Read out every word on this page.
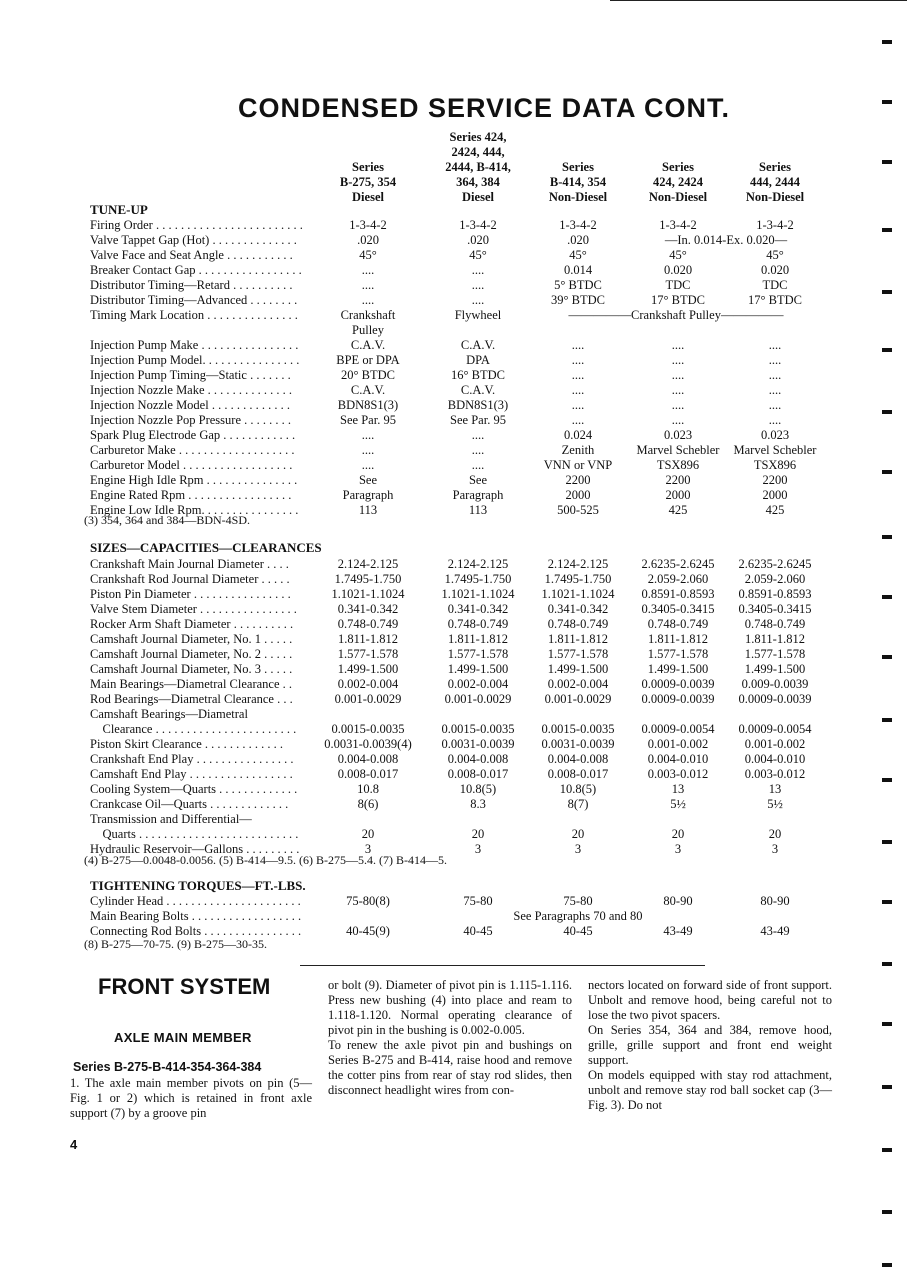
CONDENSED SERVICE DATA CONT.
Series
B-275, 354
Diesel
Series 424,
2424, 444,
2444, B-414,
364, 384
Diesel
Series
B-414, 354
Non-Diesel
Series
424, 2424
Non-Diesel
Series
444, 2444
Non-Diesel
TUNE-UP
Firing Order . . . . . . . . . . . . . . . . . . . . . . . .	1-3-4-2	1-3-4-2	1-3-4-2	1-3-4-2	1-3-4-2
Valve Tappet Gap (Hot) . . . . . . . . . . . . . .	.020	.020	.020	—In. 0.014-Ex. 0.020—
Valve Face and Seat Angle . . . . . . . . . . .	45°	45°	45°	45°	45°
Breaker Contact Gap . . . . . . . . . . . . . . . . .	....	....	0.014	0.020	0.020
Distributor Timing—Retard . . . . . . . . . .	....	....	5° BTDC	TDC	TDC
Distributor Timing—Advanced . . . . . . . .	....	....	39° BTDC	17° BTDC	17° BTDC
Timing Mark Location . . . . . . . . . . . . . . .	Crankshaft	Flywheel	—————Crankshaft Pulley—————
Pulley
Injection Pump Make . . . . . . . . . . . . . . . .	C.A.V.	C.A.V.	....	....	....
Injection Pump Model. . . . . . . . . . . . . . . .	BPE or DPA	DPA	....	....	....
Injection Pump Timing—Static . . . . . . .	20° BTDC	16° BTDC	....	....	....
Injection Nozzle Make . . . . . . . . . . . . . .	C.A.V.	C.A.V.	....	....	....
Injection Nozzle Model . . . . . . . . . . . . .	BDN8S1(3)	BDN8S1(3)	....	....	....
Injection Nozzle Pop Pressure . . . . . . . .	See Par. 95	See Par. 95	....	....	....
Spark Plug Electrode Gap . . . . . . . . . . . .	....	....	0.024	0.023	0.023
Carburetor Make . . . . . . . . . . . . . . . . . . .	....	....	Zenith	Marvel Schebler	Marvel Schebler
Carburetor Model . . . . . . . . . . . . . . . . . .	....	....	VNN or VNP	TSX896	TSX896
Engine High Idle Rpm . . . . . . . . . . . . . . .	See	See	2200	2200	2200
Engine Rated Rpm . . . . . . . . . . . . . . . . .	Paragraph	Paragraph	2000	2000	2000
Engine Low Idle Rpm. . . . . . . . . . . . . . . .	113	113	500-525	425	425
(3) 354, 364 and 384—BDN-4SD.
SIZES—CAPACITIES—CLEARANCES
Crankshaft Main Journal Diameter . . . .	2.124-2.125	2.124-2.125	2.124-2.125	2.6235-2.6245	2.6235-2.6245
Crankshaft Rod Journal Diameter . . . . .	1.7495-1.750	1.7495-1.750	1.7495-1.750	2.059-2.060	2.059-2.060
Piston Pin Diameter . . . . . . . . . . . . . . . .	1.1021-1.1024	1.1021-1.1024	1.1021-1.1024	0.8591-0.8593	0.8591-0.8593
Valve Stem Diameter . . . . . . . . . . . . . . . .	0.341-0.342	0.341-0.342	0.341-0.342	0.3405-0.3415	0.3405-0.3415
Rocker Arm Shaft Diameter . . . . . . . . . .	0.748-0.749	0.748-0.749	0.748-0.749	0.748-0.749	0.748-0.749
Camshaft Journal Diameter, No. 1 . . . . .	1.811-1.812	1.811-1.812	1.811-1.812	1.811-1.812	1.811-1.812
Camshaft Journal Diameter, No. 2 . . . . .	1.577-1.578	1.577-1.578	1.577-1.578	1.577-1.578	1.577-1.578
Camshaft Journal Diameter, No. 3 . . . . .	1.499-1.500	1.499-1.500	1.499-1.500	1.499-1.500	1.499-1.500
Main Bearings—Diametral Clearance . .	0.002-0.004	0.002-0.004	0.002-0.004	0.0009-0.0039	0.009-0.0039
Rod Bearings—Diametral Clearance . . .	0.001-0.0029	0.001-0.0029	0.001-0.0029	0.0009-0.0039	0.0009-0.0039
Camshaft Bearings—Diametral
Clearance . . . . . . . . . . . . . . . . . . . . . . .	0.0015-0.0035	0.0015-0.0035	0.0015-0.0035	0.0009-0.0054	0.0009-0.0054
Piston Skirt Clearance . . . . . . . . . . . . .	0.0031-0.0039(4)	0.0031-0.0039	0.0031-0.0039	0.001-0.002	0.001-0.002
Crankshaft End Play . . . . . . . . . . . . . . . .	0.004-0.008	0.004-0.008	0.004-0.008	0.004-0.010	0.004-0.010
Camshaft End Play . . . . . . . . . . . . . . . . .	0.008-0.017	0.008-0.017	0.008-0.017	0.003-0.012	0.003-0.012
Cooling System—Quarts . . . . . . . . . . . . .	10.8	10.8(5)	10.8(5)	13	13
Crankcase Oil—Quarts . . . . . . . . . . . . .	8(6)	8.3	8(7)	5½	5½
Transmission and Differential—
Quarts . . . . . . . . . . . . . . . . . . . . . . . . . .	20	20	20	20	20
Hydraulic Reservoir—Gallons . . . . . . . . .	3	3	3	3	3
(4) B-275—0.0048-0.0056. (5) B-414—9.5. (6) B-275—5.4. (7) B-414—5.
TIGHTENING TORQUES—FT.-LBS.
Cylinder Head . . . . . . . . . . . . . . . . . . . . . .	75-80(8)	75-80	75-80	80-90	80-90
Main Bearing Bolts . . . . . . . . . . . . . . . . . .	See Paragraphs 70 and 80
Connecting Rod Bolts . . . . . . . . . . . . . . . .	40-45(9)	40-45	40-45	43-49	43-49
(8) B-275—70-75. (9) B-275—30-35.
FRONT SYSTEM
AXLE MAIN MEMBER
Series B-275-B-414-354-364-384
1. The axle main member pivots on pin (5—Fig. 1 or 2) which is retained in front axle support (7) by a groove pin
or bolt (9). Diameter of pivot pin is 1.115-1.116. Press new bushing (4) into place and ream to 1.118-1.120. Normal operating clearance of pivot pin in the bushing is 0.002-0.005.
To renew the axle pivot pin and bushings on Series B-275 and B-414, raise hood and remove the cotter pins from rear of stay rod slides, then disconnect headlight wires from con-
nectors located on forward side of front support. Unbolt and remove hood, being careful not to lose the two pivot spacers.
On Series 354, 364 and 384, remove hood, grille, grille support and front end weight support.
On models equipped with stay rod attachment, unbolt and remove stay rod ball socket cap (3—Fig. 3). Do not
4
